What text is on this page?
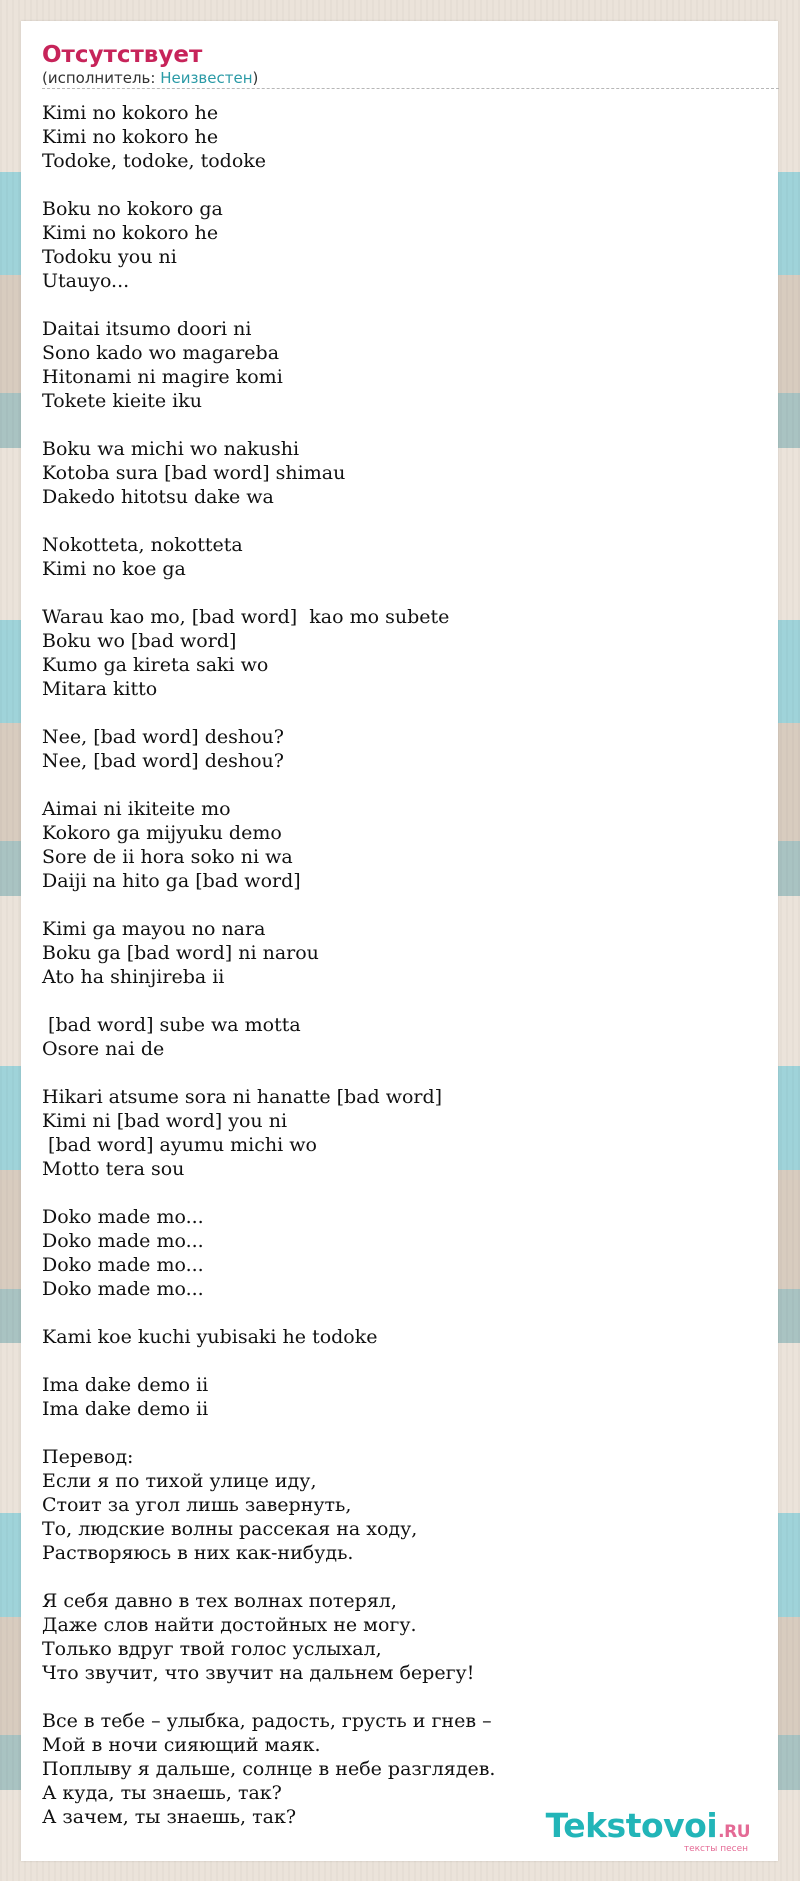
Отсутствует
(исполнитель: Неизвестен)
Kimi no kokoro he
Kimi no kokoro he
Todoke, todoke, todoke

Boku no kokoro ga
Kimi no kokoro he
Todoku you ni
Utauyo...

Daitai itsumo doori ni
Sono kado wo magareba
Hitonami ni magire komi
Tokete kieite iku

Boku wa michi wo nakushi
Kotoba sura [bad word] shimau
Dakedo hitotsu dake wa

Nokotteta, nokotteta
Kimi no koe ga

Warau kao mo, [bad word]  kao mo subete
Boku wo [bad word]
Kumo ga kireta saki wo
Mitara kitto

Nee, [bad word] deshou?
Nee, [bad word] deshou?

Aimai ni ikiteite mo
Kokoro ga mijyuku demo
Sore de ii hora soko ni wa
Daiji na hito ga [bad word]

Kimi ga mayou no nara
Boku ga [bad word] ni narou
Ato ha shinjireba ii

[bad word] sube wa motta
Osore nai de

Hikari atsume sora ni hanatte [bad word]
Kimi ni [bad word] you ni
[bad word] ayumu michi wo
Motto tera sou

Doko made mo...
Doko made mo...
Doko made mo...
Doko made mo...

Kami koe kuchi yubisaki he todoke

Ima dake demo ii
Ima dake demo ii

Перевод:
Если я по тихой улице иду,
Стоит за угол лишь завернуть,
То, людские волны рассекая на ходу,
Растворяюсь в них как-нибудь.

Я себя давно в тех волнах потерял,
Даже слов найти достойных не могу.
Только вдруг твой голос услыхал,
Что звучит, что звучит на дальнем берегу!

Все в тебе – улыбка, радость, грусть и гнев –
Мой в ночи сияющий маяк.
Поплыву я дальше, солнце в небе разглядев.
А куда, ты знаешь, так?
А зачем, ты знаешь, так?	Tekstovoi.RU
тексты песен
